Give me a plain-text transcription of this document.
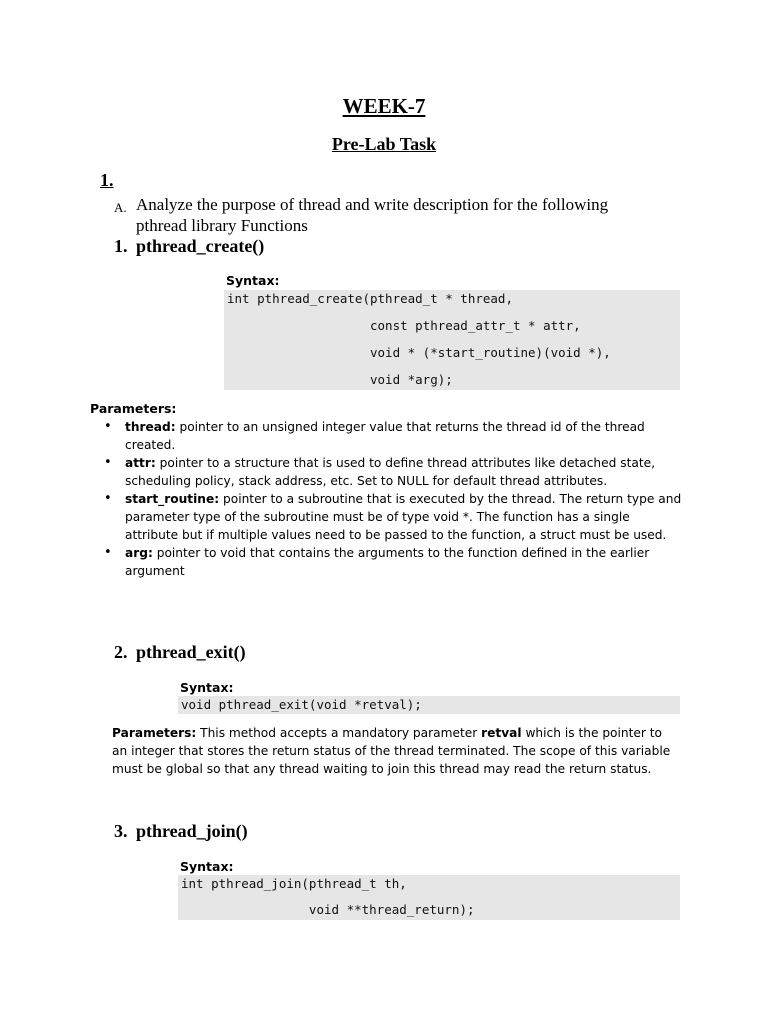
WEEK-7
Pre-Lab Task
1.
A. Analyze the purpose of thread and write description for the following pthread library Functions
1. pthread_create()
Syntax:
int pthread_create(pthread_t * thread,
const pthread_attr_t * attr,
void * (*start_routine)(void *),
void *arg);
Parameters:
• thread: pointer to an unsigned integer value that returns the thread id of the thread created.
• attr: pointer to a structure that is used to define thread attributes like detached state, scheduling policy, stack address, etc. Set to NULL for default thread attributes.
• start_routine: pointer to a subroutine that is executed by the thread. The return type and parameter type of the subroutine must be of type void *. The function has a single attribute but if multiple values need to be passed to the function, a struct must be used.
• arg: pointer to void that contains the arguments to the function defined in the earlier argument
2. pthread_exit()
Syntax:
void pthread_exit(void *retval);
Parameters: This method accepts a mandatory parameter retval which is the pointer to an integer that stores the return status of the thread terminated. The scope of this variable must be global so that any thread waiting to join this thread may read the return status.
3. pthread_join()
Syntax:
int pthread_join(pthread_t th,
void **thread_return);
